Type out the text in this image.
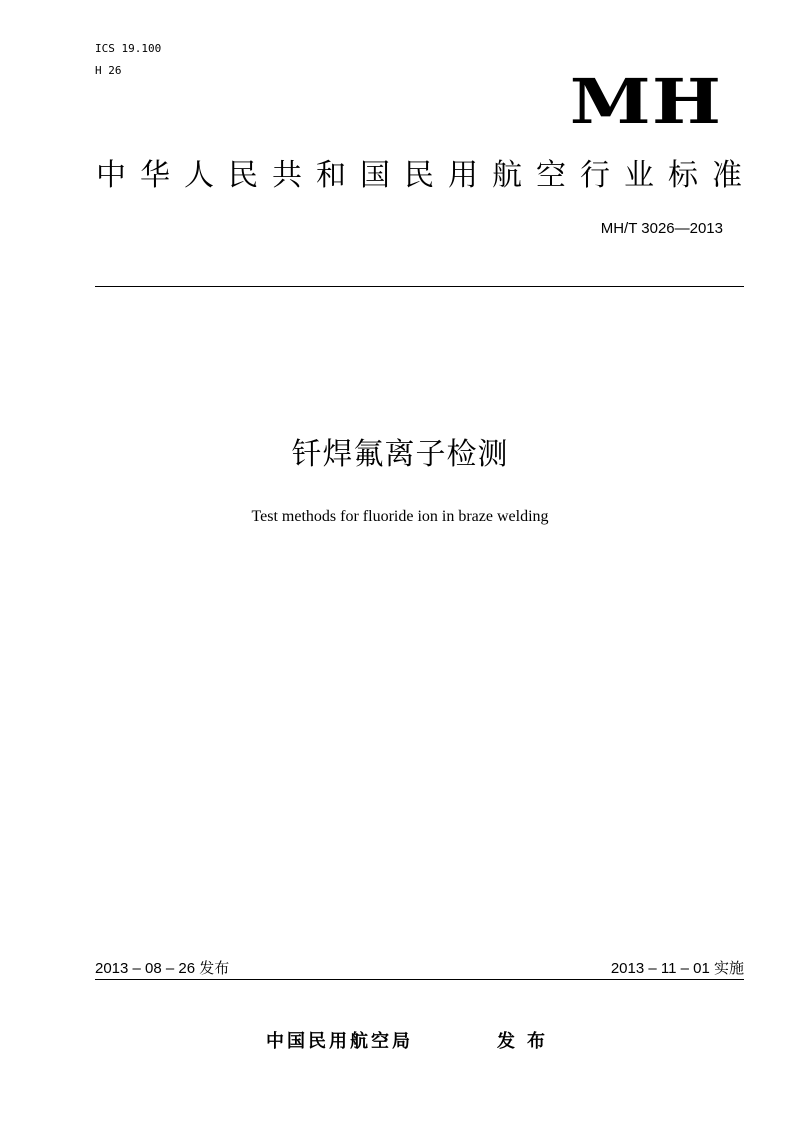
ICS 19.100
H 26	MH
中华人民共和国民用航空行业标准
MH/T 3026—2013
钎焊氟离子检测
Test methods for fluoride ion in braze welding
2013 – 08 – 26 发布	2013 – 11 – 01 实施
中国民用航空局	发布
